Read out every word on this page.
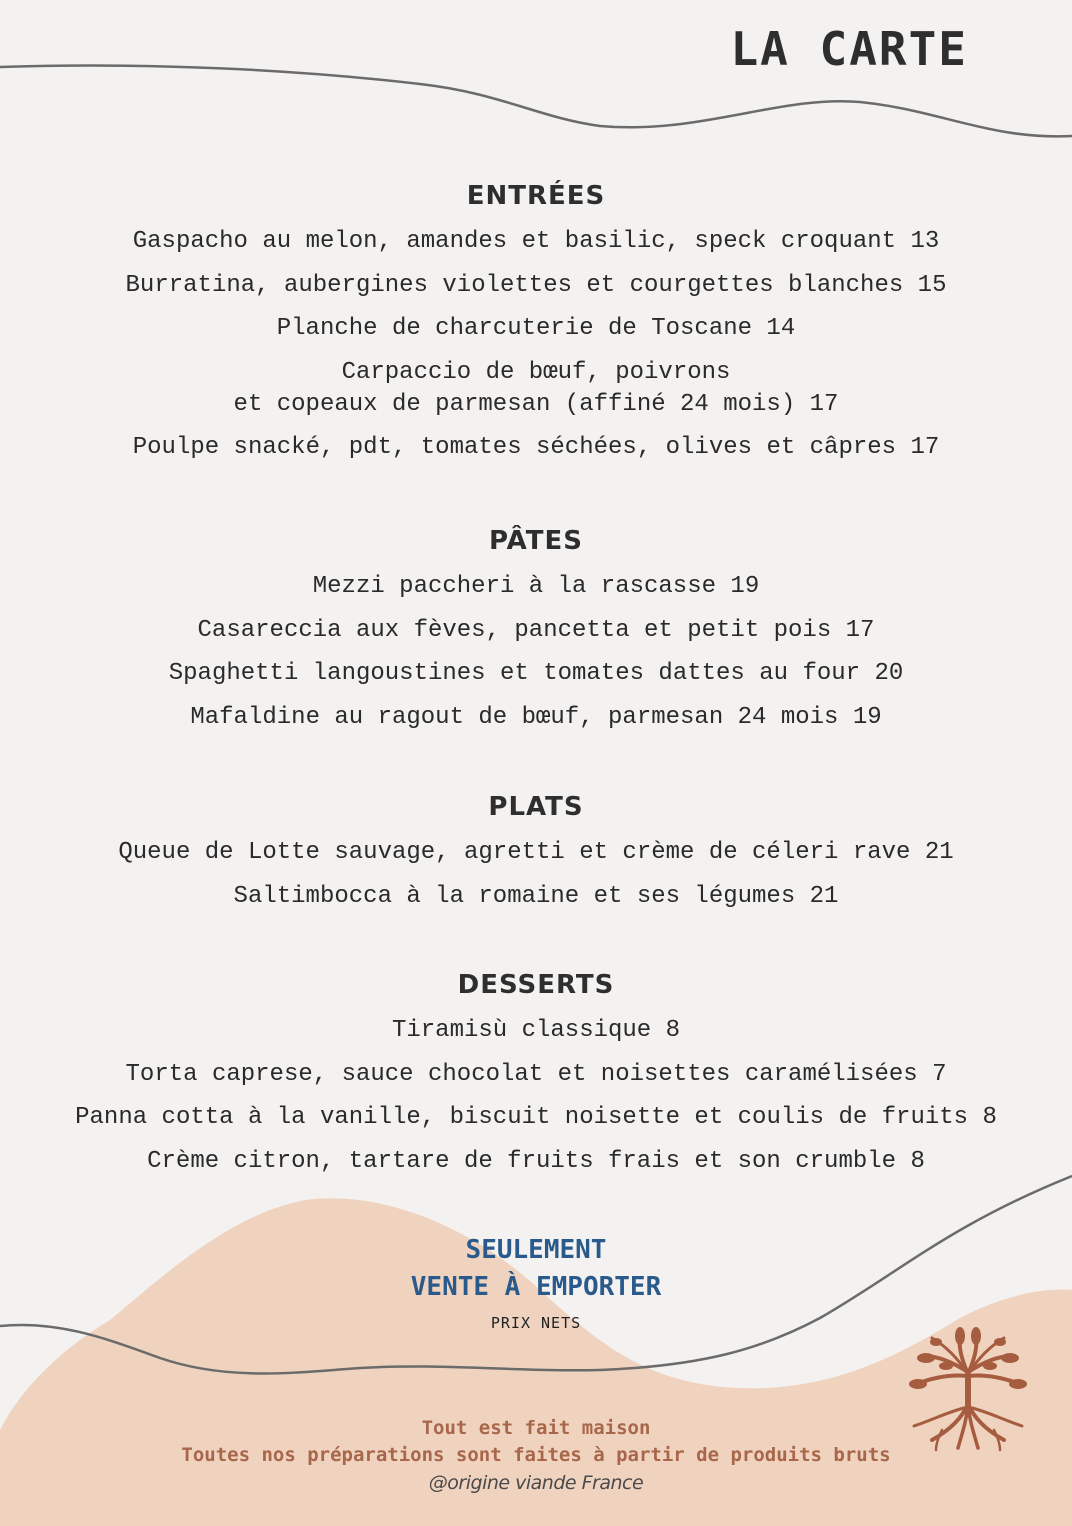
LA CARTE
ENTRÉES
Gaspacho au melon, amandes et basilic, speck croquant 13
Burratina, aubergines violettes et courgettes blanches 15
Planche de charcuterie de Toscane 14
Carpaccio de bœuf, poivrons
et copeaux de parmesan (affiné 24 mois) 17
Poulpe snacké, pdt, tomates séchées, olives et câpres 17
PÂTES
Mezzi paccheri à la rascasse 19
Casareccia aux fèves, pancetta et petit pois 17
Spaghetti langoustines et tomates dattes au four 20
Mafaldine au ragout de bœuf, parmesan 24 mois 19
PLATS
Queue de Lotte sauvage, agretti et crème de céleri rave 21
Saltimbocca à la romaine et ses légumes 21
DESSERTS
Tiramisù classique 8
Torta caprese, sauce chocolat et noisettes caramélisées 7
Panna cotta à la vanille, biscuit noisette et coulis de fruits 8
Crème citron, tartare de fruits frais et son crumble 8
SEULEMENT
VENTE À EMPORTER
PRIX NETS
Tout est fait maison
Toutes nos préparations sont faites à partir de produits bruts
@origine viande France
